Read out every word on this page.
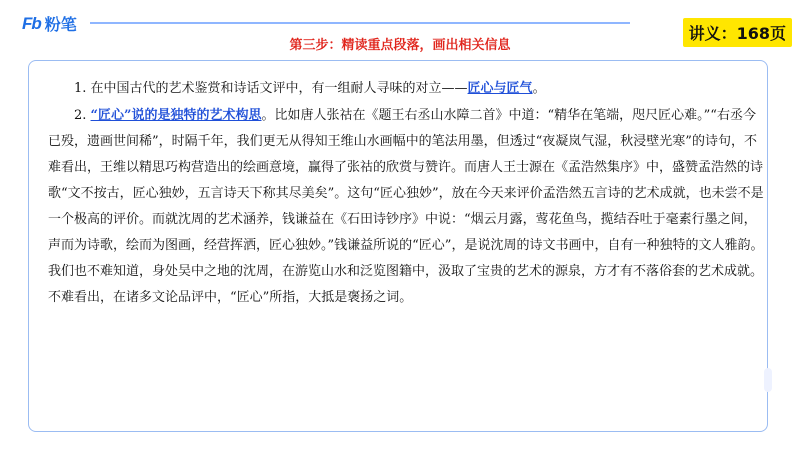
Fb 粉笔
第三步：精读重点段落，画出相关信息
讲义：168页

1. 在中国古代的艺术鉴赏和诗话文评中，有一组耐人寻味的对立——匠心与匠气。

2. “匠心”说的是独特的艺术构思。比如唐人张祜在《题王右丞山水障二首》中道：“精华在笔端，咫尺匠心难。”“右丞今已殁，遗画世间稀”，时隔千年，我们更无从得知王维山水画幅中的笔法用墨，但透过“夜凝岚气湿，秋浸壁光寒”的诗句，不难看出，王维以精思巧构营造出的绘画意境，赢得了张祜的欣赏与赞许。而唐人王士源在《孟浩然集序》中，盛赞孟浩然的诗歌“文不按古，匠心独妙，五言诗天下称其尽美矣”。这句“匠心独妙”，放在今天来评价孟浩然五言诗的艺术成就，也未尝不是一个极高的评价。而就沈周的艺术涵养，钱谦益在《石田诗钞序》中说：“烟云月露，莺花鱼鸟，揽结吞吐于毫素行墨之间，声而为诗歌，绘而为图画，经营挥洒，匠心独妙。”钱谦益所说的“匠心”，是说沈周的诗文书画中，自有一种独特的文人雅韵。我们也不难知道，身处吴中之地的沈周，在游览山水和泛览图籍中，汲取了宝贵的艺术的源泉，方才有不落俗套的艺术成就。不难看出，在诸多文论品评中，“匠心”所指，大抵是褒扬之词。
